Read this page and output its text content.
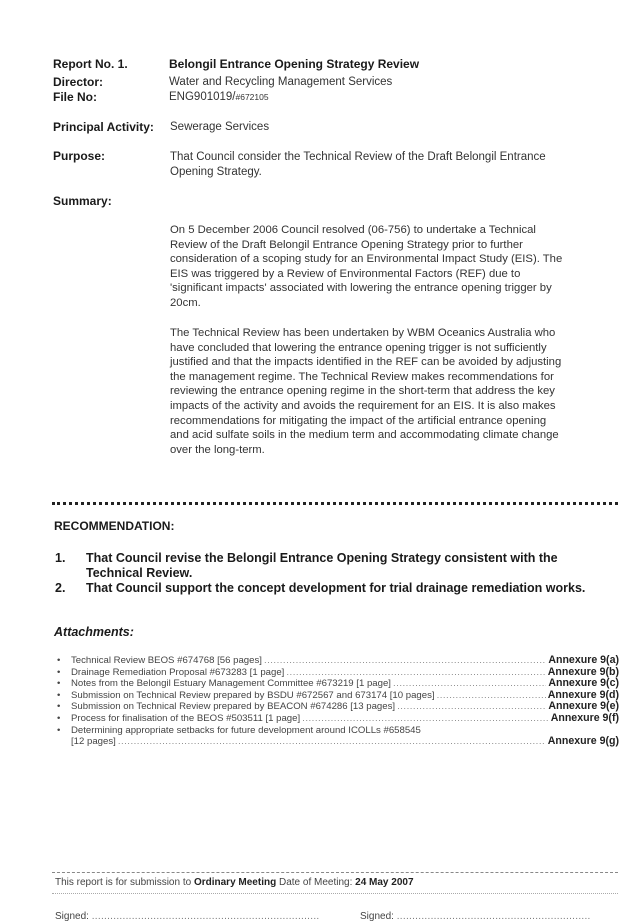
Report No. 1.	Belongil Entrance Opening Strategy Review
Director:	Water and Recycling Management Services
File No:	ENG901019/#672105
Principal Activity: Sewerage Services
Purpose:	That Council consider the Technical Review of the Draft Belongil Entrance
Opening Strategy.
Summary:
On 5 December 2006 Council resolved (06-756) to undertake a Technical
Review of the Draft Belongil Entrance Opening Strategy prior to further
consideration of a scoping study for an Environmental Impact Study (EIS). The
EIS was triggered by a Review of Environmental Factors (REF) due to
'significant impacts' associated with lowering the entrance opening trigger by
20cm.
The Technical Review has been undertaken by WBM Oceanics Australia who
have concluded that lowering the entrance opening trigger is not sufficiently
justified and that the impacts identified in the REF can be avoided by adjusting
the management regime. The Technical Review makes recommendations for
reviewing the entrance opening regime in the short-term that address the key
impacts of the activity and avoids the requirement for an EIS. It is also makes
recommendations for mitigating the impact of the artificial entrance opening
and acid sulfate soils in the medium term and accommodating climate change
over the long-term.
RECOMMENDATION:
1. That Council revise the Belongil Entrance Opening Strategy consistent with the
Technical Review.
2. That Council support the concept development for trial drainage remediation works.
Attachments:
•	Technical Review BEOS #674768 [56 pages] .....	Annexure 9(a)
•	Drainage Remediation Proposal #673283 [1 page] .....	Annexure 9(b)
•	Notes from the Belongil Estuary Management Committee #673219 [1 page] .....	Annexure 9(c)
•	Submission on Technical Review prepared by BSDU #672567 and 673174 [10 pages] .....	Annexure 9(d)
•	Submission on Technical Review prepared by BEACON #674286 [13 pages] .....	Annexure 9(e)
•	Process for finalisation of the BEOS #503511 [1 page] .....	Annexure 9(f)
•	Determining appropriate setbacks for future development around ICOLLs #658545
[12 pages] .....	Annexure 9(g)
This report is for submission to Ordinary Meeting Date of Meeting: 24 May 2007
Signed: ..........................................................................	Signed: ...............................................................
